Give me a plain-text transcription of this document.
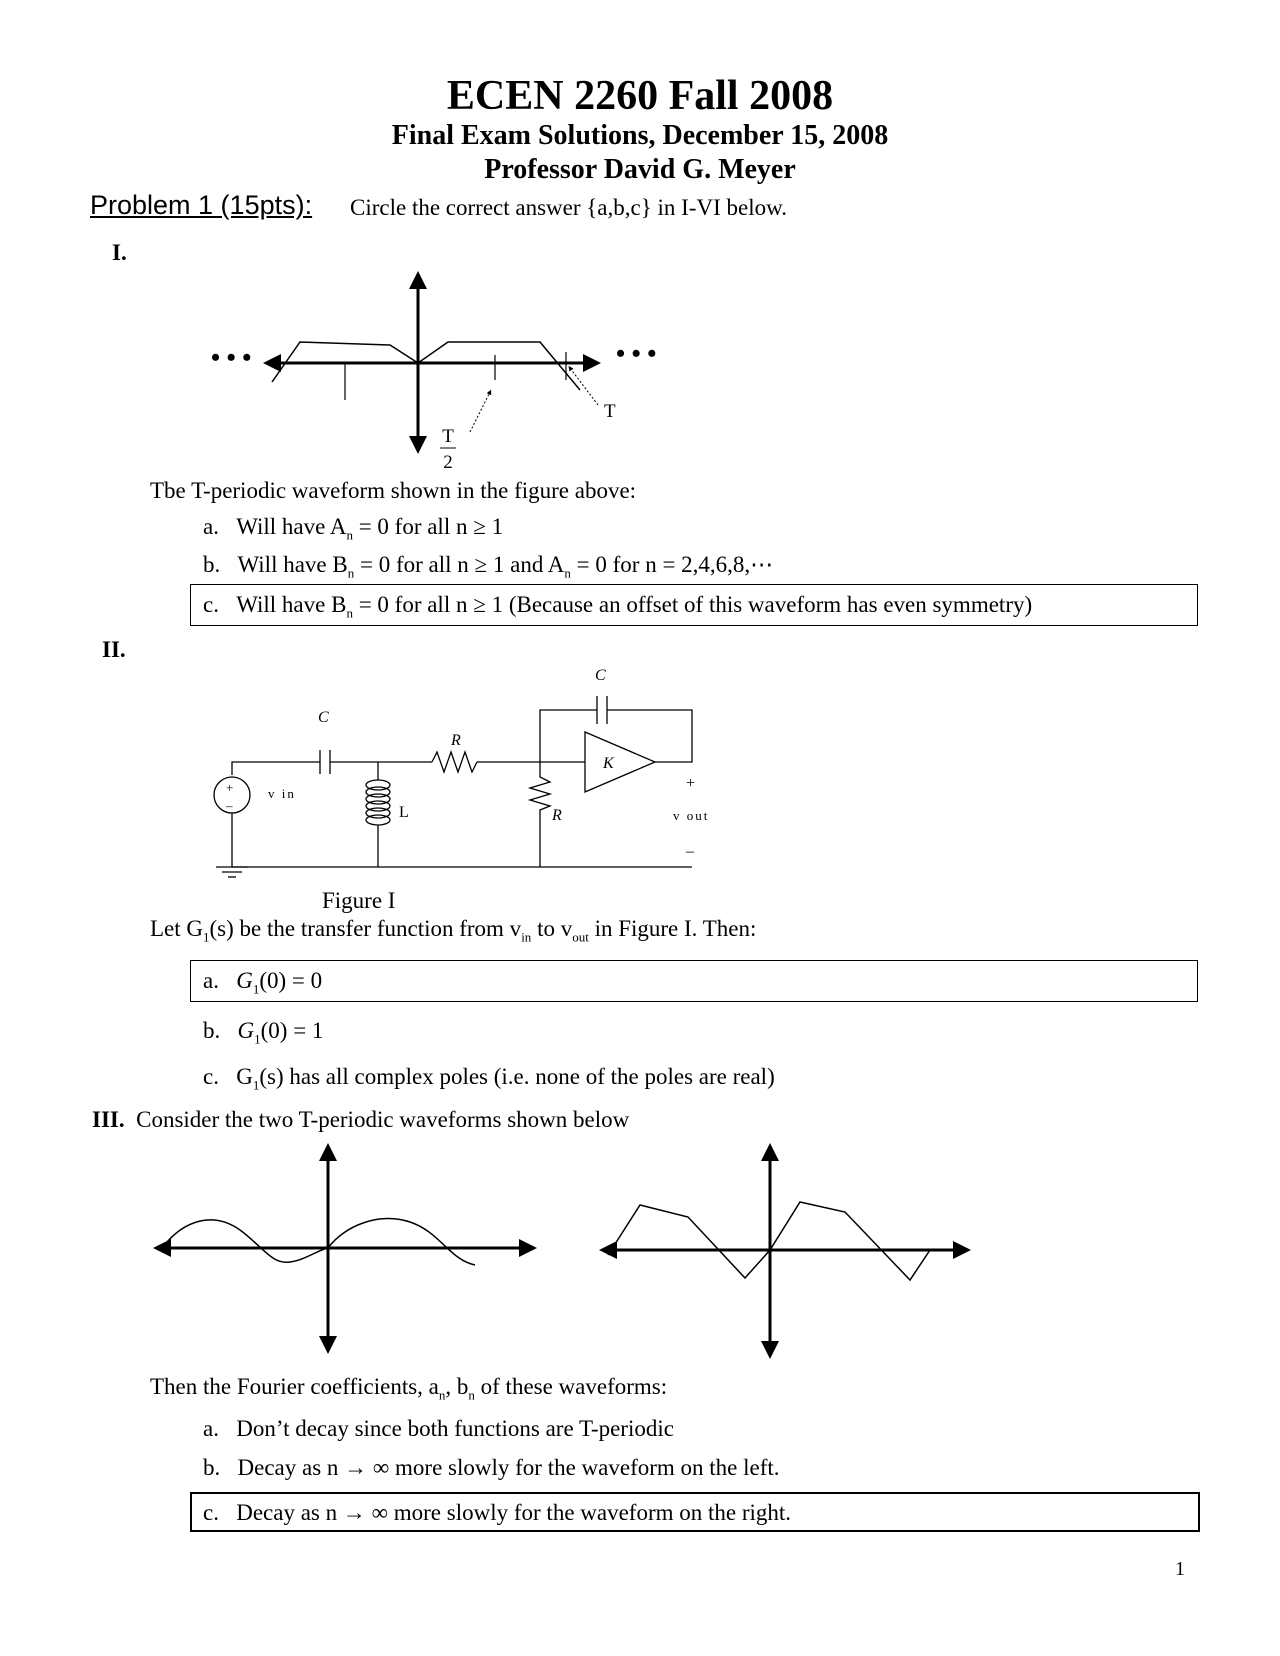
ECEN 2260 Fall 2008
Final Exam Solutions, December 15, 2008
Professor David G. Meyer
Problem 1 (15pts): Circle the correct answer {a,b,c} in I-VI below.
I.
T
2
T
• • •	• • •
Tbe T-periodic waveform shown in the figure above:
a. Will have $A_n = 0$ for all n ≥ 1
b. Will have $B_n = 0$ for all n ≥ 1 and $A_n = 0$ for n = 2,4,6,8,⋯
c. Will have $B_n = 0$ for all n ≥ 1 (Because an offset of this waveform has even symmetry)
II.
C
C
R
R
K
L
v in
v out
+
–
+
–
Figure I
Let $G_1(s)$ be the transfer function from $v_{in}$ to $v_{out}$ in Figure I. Then:
a. $G_1(0) = 0$
b. $G_1(0) = 1$
c. $G_1(s)$ has all complex poles (i.e. none of the poles are real)
III. Consider the two T-periodic waveforms shown below
Then the Fourier coefficients, $a_n$, $b_n$ of these waveforms:
a. Don’t decay since both functions are T-periodic
b. Decay as n → ∞ more slowly for the waveform on the left.
c. Decay as n → ∞ more slowly for the waveform on the right.
1
